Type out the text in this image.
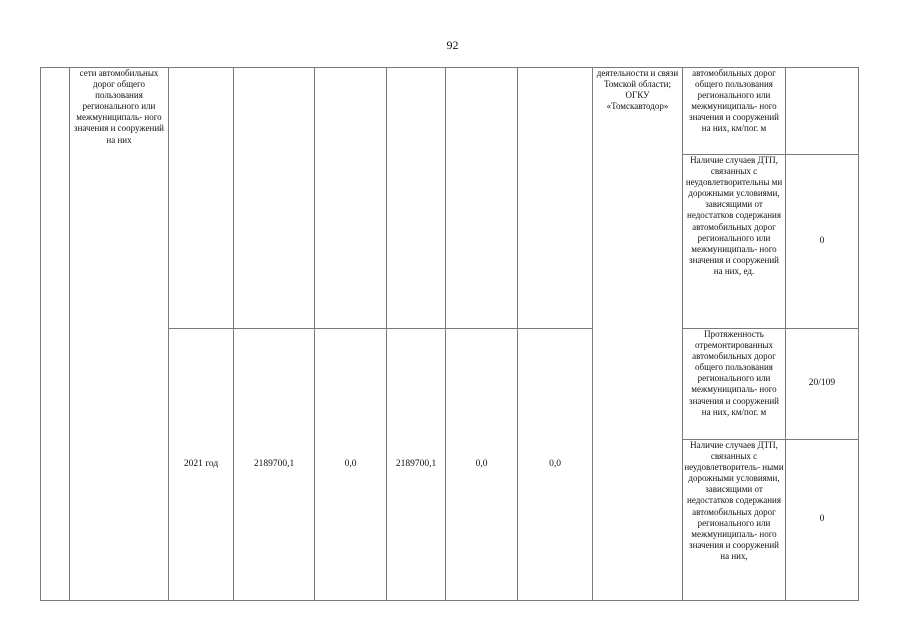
92
	сети автомобильных дорог общего пользования регионального или межмуниципаль- ного значения и сооружений на них							деятельности и связи Томской области; ОГКУ «Томскавтодор»	автомобильных дорог общего пользования регионального или межмуниципаль- ного значения и сооружений на них, км/пог. м	
									Наличие случаев ДТП, связанных с неудовлетворительны ми дорожными условиями, зависящими от недостатков содержания автомобильных дорог регионального или межмуниципаль- ного значения и сооружений на них, ед.	0
		2021 год	2189700,1	0,0	2189700,1	0,0	0,0		Протяженность отремонтированных автомобильных дорог общего пользования регионального или межмуниципаль- ного значения и сооружений на них, км/пог. м	20/109
									Наличие случаев ДТП, связанных с неудовлетворитель- ными дорожными условиями, зависящими от недостатков содержания автомобильных дорог регионального или межмуниципаль- ного значения и сооружений на них,	0
